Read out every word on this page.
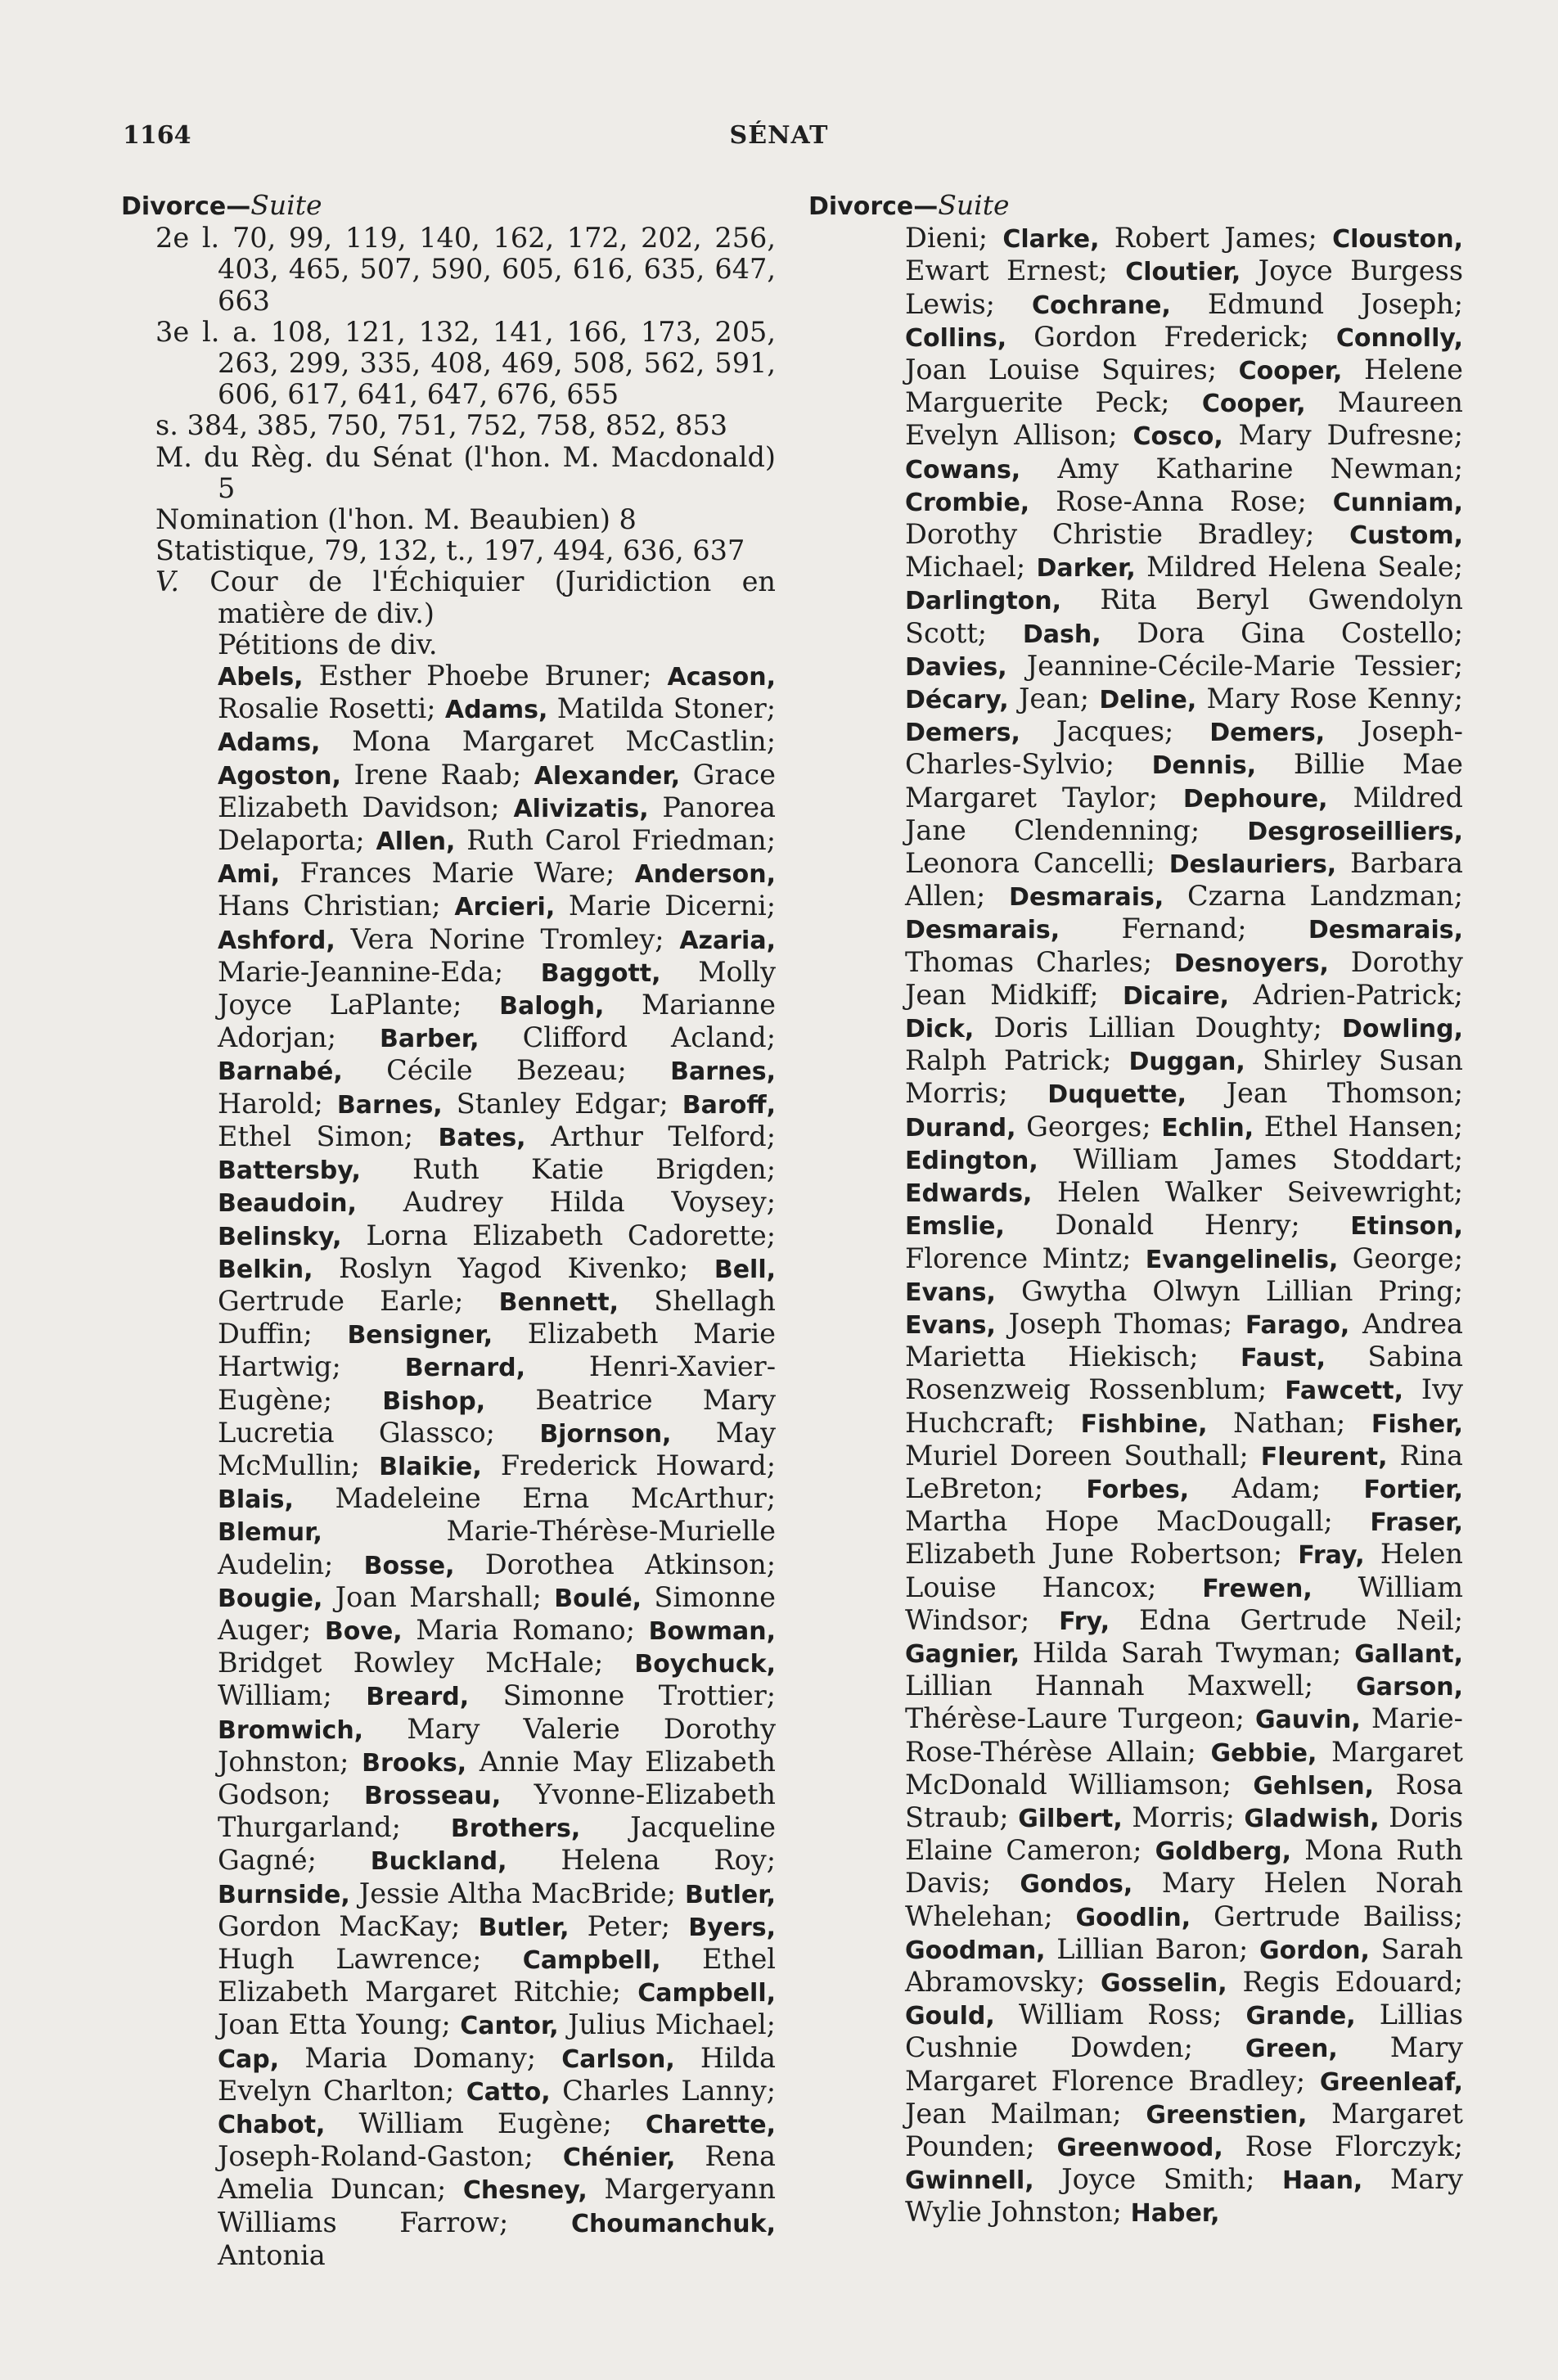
1164	SÉNAT

Divorce—Suite

2e l. 70, 99, 119, 140, 162, 172, 202, 256, 403, 465, 507, 590, 605, 616, 635, 647, 663

3e l. a. 108, 121, 132, 141, 166, 173, 205, 263, 299, 335, 408, 469, 508, 562, 591, 606, 617, 641, 647, 676, 655

s. 384, 385, 750, 751, 752, 758, 852, 853

M. du Règ. du Sénat (l'hon. M. Macdonald) 5

Nomination (l'hon. M. Beaubien) 8

Statistique, 79, 132, t., 197, 494, 636, 637

V. Cour de l'Échiquier (Juridiction en matière de div.)

Pétitions de div.

Abels, Esther Phoebe Bruner; Acason, Rosalie Rosetti; Adams, Matilda Stoner; Adams, Mona Margaret McCastlin; Agoston, Irene Raab; Alexander, Grace Elizabeth Davidson; Alivizatis, Panorea Delaporta; Allen, Ruth Carol Friedman; Ami, Frances Marie Ware; Anderson, Hans Christian; Arcieri, Marie Dicerni; Ashford, Vera Norine Tromley; Azaria, Marie-Jeannine-Eda; Baggott, Molly Joyce LaPlante; Balogh, Marianne Adorjan; Barber, Clifford Acland; Barnabé, Cécile Bezeau; Barnes, Harold; Barnes, Stanley Edgar; Baroff, Ethel Simon; Bates, Arthur Telford; Battersby, Ruth Katie Brigden; Beaudoin, Audrey Hilda Voysey; Belinsky, Lorna Elizabeth Cadorette; Belkin, Roslyn Yagod Kivenko; Bell, Gertrude Earle; Bennett, Shellagh Duffin; Bensigner, Elizabeth Marie Hartwig;	Bernard, Henri-Xavier-Eugène; Bishop, Beatrice Mary Lucretia Glassco; Bjornson, May McMullin; Blaikie, Frederick Howard; Blais, Madeleine Erna McArthur; Blemur,	Marie-Thérèse-Murielle Audelin; Bosse, Dorothea Atkinson; Bougie, Joan Marshall; Boulé, Simonne Auger; Bove, Maria Romano; Bowman, Bridget Rowley McHale; Boychuck, William; Breard, Simonne Trottier; Bromwich, Mary Valerie Dorothy Johnston; Brooks, Annie May Elizabeth Godson; Brosseau, Yvonne-Elizabeth Thurgarland; Brothers, Jacqueline Gagné; Buckland, Helena Roy; Burnside, Jessie Altha MacBride; Butler, Gordon MacKay; Butler, Peter; Byers, Hugh Lawrence; Campbell, Ethel Elizabeth Margaret Ritchie; Campbell, Joan Etta Young; Cantor, Julius Michael; Cap, Maria Domany; Carlson, Hilda Evelyn Charlton; Catto, Charles Lanny; Chabot, William Eugène; Charette, Joseph-Roland-Gaston; Chénier, Rena Amelia Duncan; Chesney, Margeryann Williams Farrow;	Choumanchuk, Antonia

Divorce—Suite

Dieni; Clarke, Robert James; Clouston, Ewart Ernest; Cloutier, Joyce Burgess Lewis; Cochrane, Edmund Joseph; Collins, Gordon Frederick; Connolly, Joan Louise Squires; Cooper, Helene Marguerite Peck; Cooper, Maureen Evelyn Allison; Cosco, Mary Dufresne; Cowans, Amy Katharine Newman; Crombie, Rose-Anna Rose; Cunniam, Dorothy Christie Bradley; Custom, Michael; Darker, Mildred Helena Seale; Darlington, Rita Beryl Gwendolyn Scott; Dash, Dora Gina Costello; Davies, Jeannine-Cécile-Marie Tessier; Décary, Jean; Deline, Mary Rose Kenny; Demers, Jacques; Demers, Joseph-Charles-Sylvio; Dennis, Billie Mae Margaret Taylor; Dephoure, Mildred Jane Clendenning; Desgroseilliers, Leonora Cancelli; Deslauriers, Barbara Allen; Desmarais, Czarna Landzman; Desmarais, Fernand;	Desmarais, Thomas Charles; Desnoyers, Dorothy Jean Midkiff; Dicaire, Adrien-Patrick; Dick, Doris Lillian Doughty; Dowling, Ralph Patrick; Duggan, Shirley Susan Morris; Duquette, Jean Thomson; Durand, Georges; Echlin, Ethel Hansen; Edington, William James Stoddart; Edwards, Helen Walker Seivewright; Emslie, Donald Henry; Etinson, Florence Mintz; Evangelinelis, George; Evans, Gwytha Olwyn Lillian Pring; Evans, Joseph Thomas; Farago, Andrea Marietta Hiekisch; Faust, Sabina Rosenzweig Rossenblum; Fawcett, Ivy Huchcraft; Fishbine, Nathan; Fisher, Muriel Doreen Southall; Fleurent, Rina LeBreton; Forbes, Adam; Fortier, Martha Hope MacDougall; Fraser, Elizabeth June Robertson; Fray, Helen Louise Hancox; Frewen, William Windsor; Fry, Edna Gertrude Neil; Gagnier, Hilda Sarah Twyman; Gallant, Lillian Hannah Maxwell; Garson, Thérèse-Laure Turgeon; Gauvin, Marie-Rose-Thérèse Allain; Gebbie, Margaret McDonald Williamson; Gehlsen, Rosa Straub; Gilbert, Morris; Gladwish, Doris Elaine Cameron; Goldberg, Mona Ruth Davis; Gondos, Mary Helen Norah Whelehan; Goodlin, Gertrude Bailiss; Goodman, Lillian Baron; Gordon, Sarah Abramovsky; Gosselin, Regis Edouard; Gould, William Ross; Grande, Lillias Cushnie Dowden; Green, Mary Margaret Florence Bradley; Greenleaf, Jean Mailman; Greenstien, Margaret Pounden; Greenwood, Rose Florczyk; Gwinnell, Joyce Smith; Haan, Mary Wylie Johnston; Haber,
